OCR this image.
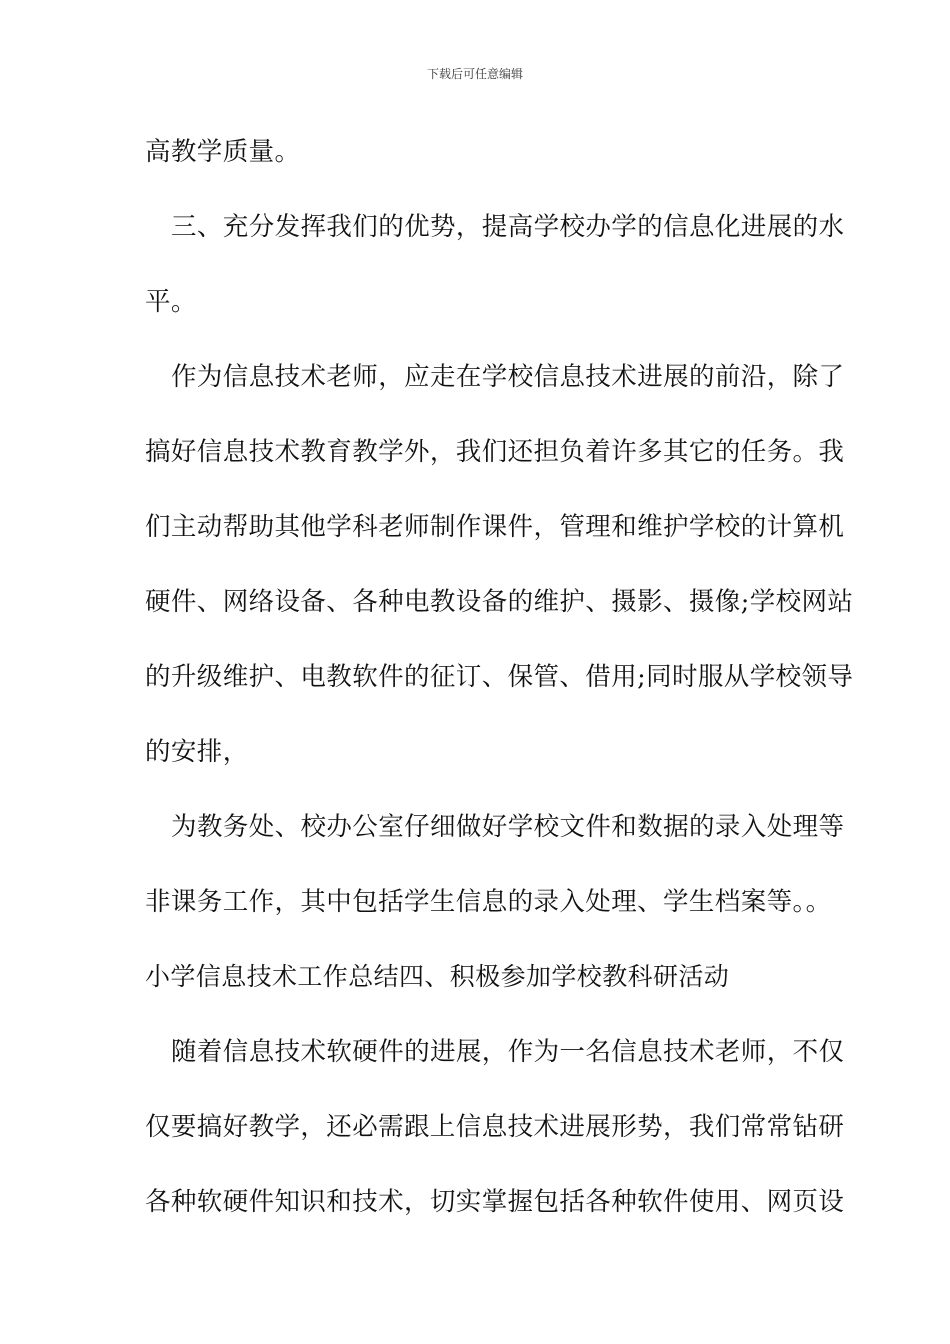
下载后可任意编辑
高教学质量。
三、充分发挥我们的优势，提高学校办学的信息化进展的水
平。
作为信息技术老师，应走在学校信息技术进展的前沿，除了
搞好信息技术教育教学外，我们还担负着许多其它的任务。我
们主动帮助其他学科老师制作课件，管理和维护学校的计算机
硬件、网络设备、各种电教设备的维护、摄影、摄像;学校网站
的升级维护、电教软件的征订、保管、借用;同时服从学校领导
的安排，
为教务处、校办公室仔细做好学校文件和数据的录入处理等
非课务工作，其中包括学生信息的录入处理、学生档案等。。
小学信息技术工作总结四、积极参加学校教科研活动
随着信息技术软硬件的进展，作为一名信息技术老师，不仅
仅要搞好教学，还必需跟上信息技术进展形势，我们常常钻研
各种软硬件知识和技术，切实掌握包括各种软件使用、网页设
